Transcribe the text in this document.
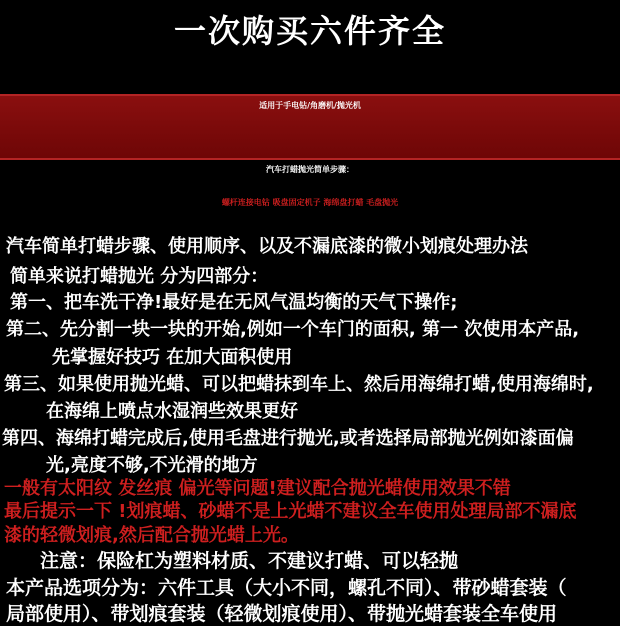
一次购买六件齐全
适用于手电钻/角磨机/抛光机
汽车打蜡抛光简单步骤：
螺杆连接电钻 吸盘固定机子 海绵盘打蜡 毛盘抛光
汽车简单打蜡步骤、使用顺序、以及不漏底漆的微小划痕处理办法
简单来说打蜡抛光 分为四部分：
第一、把车洗干净!最好是在无风气温均衡的天气下操作;
第二、先分割一块一块的开始,例如一个车门的面积, 第一 次使用本产品,
先掌握好技巧 在加大面积使用
第三、如果使用抛光蜡、可以把蜡抹到车上、然后用海绵打蜡,使用海绵时,
在海绵上喷点水湿润些效果更好
第四、海绵打蜡完成后,使用毛盘进行抛光,或者选择局部抛光例如漆面偏
光,亮度不够,不光滑的地方
一般有太阳纹 发丝痕 偏光等问题!建议配合抛光蜡使用效果不错
最后提示一下 !划痕蜡、砂蜡不是上光蜡不建议全车使用处理局部不漏底
漆的轻微划痕,然后配合抛光蜡上光。
注意：保险杠为塑料材质、不建议打蜡、可以轻抛
本产品选项分为：六件工具（大小不同，螺孔不同）、带砂蜡套装（
局部使用）、带划痕套装（轻微划痕使用）、带抛光蜡套装全车使用
